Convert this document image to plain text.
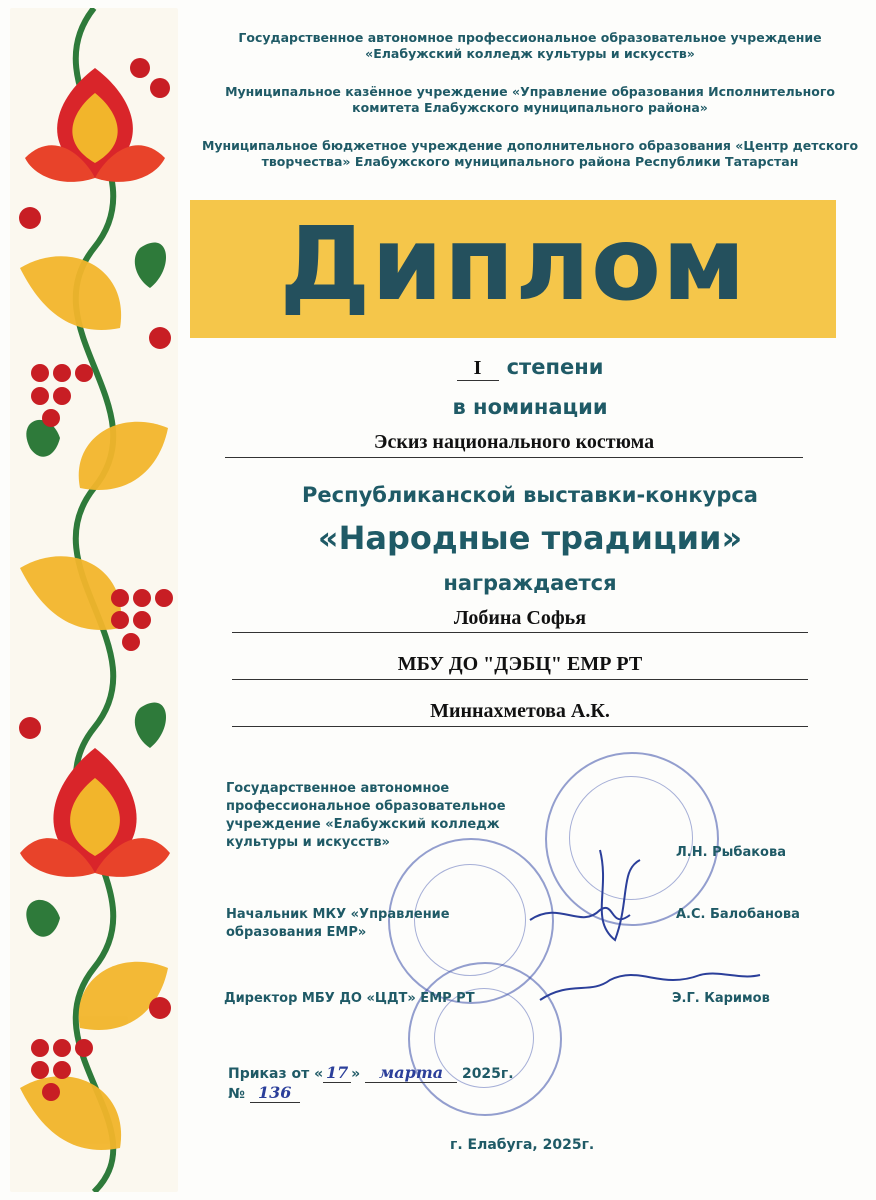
Государственное автономное профессиональное образовательное учреждение
«Елабужский колледж культуры и искусств»
Муниципальное казённое учреждение «Управление образования Исполнительного
комитета Елабужского муниципального района»
Муниципальное бюджетное учреждение дополнительного образования «Центр детского
творчества» Елабужского муниципального района Республики Татарстан
Диплом
I степени
в номинации
Эскиз национального костюма
Республиканской выставки-конкурса
«Народные традиции»
награждается
Лобина Софья
МБУ ДО "ДЭБЦ" ЕМР РТ
Миннахметова А.К.
Государственное автономное
профессиональное образовательное
учреждение «Елабужский колледж
культуры и искусств»
Л.Н. Рыбакова
Начальник МКУ «Управление
образования ЕМР»
А.С. Балобанова
Директор МБУ ДО «ЦДТ» ЕМР РТ	Э.Г. Каримов
Приказ от « 17 » марта 2025г.
№ 136
г. Елабуга, 2025г.
